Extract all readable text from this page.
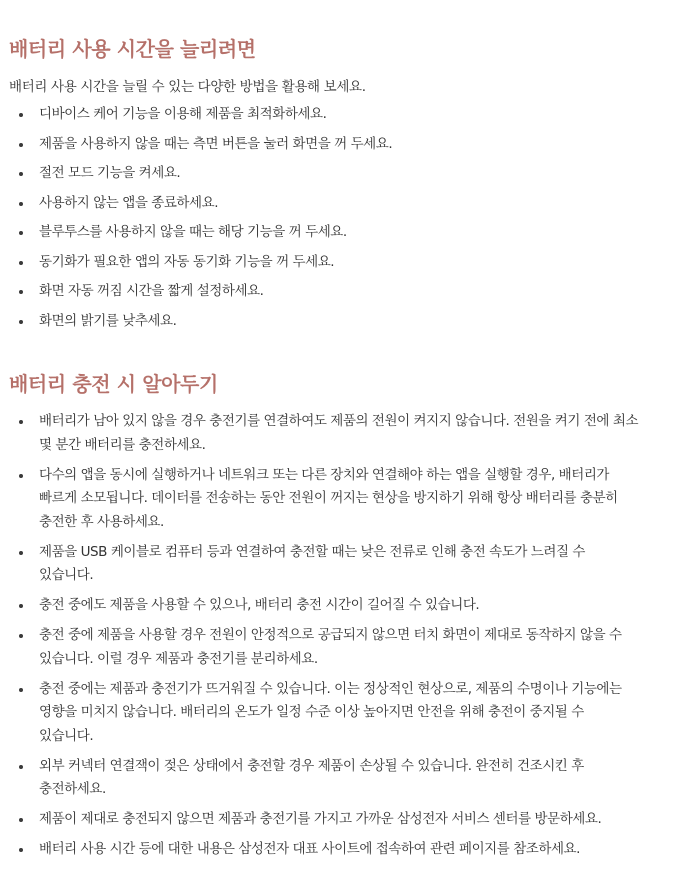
배터리 사용 시간을 늘리려면
배터리 사용 시간을 늘릴 수 있는 다양한 방법을 활용해 보세요.
디바이스 케어 기능을 이용해 제품을 최적화하세요.
제품을 사용하지 않을 때는 측면 버튼을 눌러 화면을 꺼 두세요.
절전 모드 기능을 켜세요.
사용하지 않는 앱을 종료하세요.
블루투스를 사용하지 않을 때는 해당 기능을 꺼 두세요.
동기화가 필요한 앱의 자동 동기화 기능을 꺼 두세요.
화면 자동 꺼짐 시간을 짧게 설정하세요.
화면의 밝기를 낮추세요.
배터리 충전 시 알아두기
배터리가 남아 있지 않을 경우 충전기를 연결하여도 제품의 전원이 켜지지 않습니다. 전원을 켜기 전에 최소
몇 분간 배터리를 충전하세요.
다수의 앱을 동시에 실행하거나 네트워크 또는 다른 장치와 연결해야 하는 앱을 실행할 경우, 배터리가
빠르게 소모됩니다. 데이터를 전송하는 동안 전원이 꺼지는 현상을 방지하기 위해 항상 배터리를 충분히
충전한 후 사용하세요.
제품을 USB 케이블로 컴퓨터 등과 연결하여 충전할 때는 낮은 전류로 인해 충전 속도가 느려질 수
있습니다.
충전 중에도 제품을 사용할 수 있으나, 배터리 충전 시간이 길어질 수 있습니다.
충전 중에 제품을 사용할 경우 전원이 안정적으로 공급되지 않으면 터치 화면이 제대로 동작하지 않을 수
있습니다. 이럴 경우 제품과 충전기를 분리하세요.
충전 중에는 제품과 충전기가 뜨거워질 수 있습니다. 이는 정상적인 현상으로, 제품의 수명이나 기능에는
영향을 미치지 않습니다. 배터리의 온도가 일정 수준 이상 높아지면 안전을 위해 충전이 중지될 수
있습니다.
외부 커넥터 연결잭이 젖은 상태에서 충전할 경우 제품이 손상될 수 있습니다. 완전히 건조시킨 후
충전하세요.
제품이 제대로 충전되지 않으면 제품과 충전기를 가지고 가까운 삼성전자 서비스 센터를 방문하세요.
배터리 사용 시간 등에 대한 내용은 삼성전자 대표 사이트에 접속하여 관련 페이지를 참조하세요.
